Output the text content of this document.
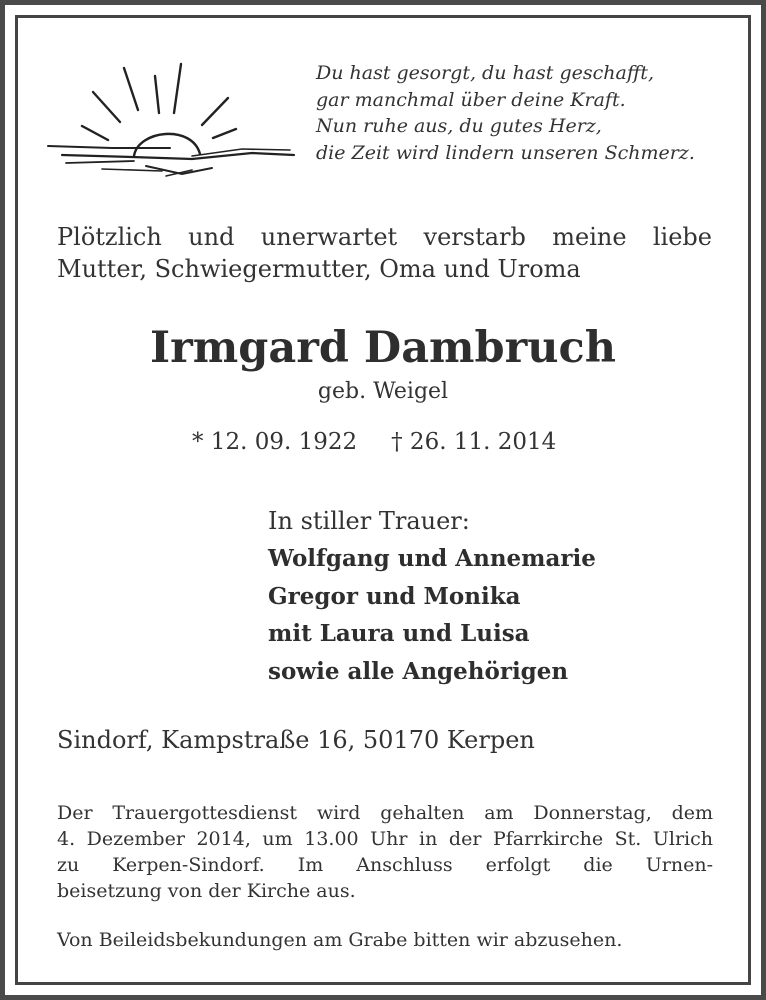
Du hast gesorgt, du hast geschafft,
gar manchmal über deine Kraft.
Nun ruhe aus, du gutes Herz,
die Zeit wird lindern unseren Schmerz.
Plötzlich und unerwartet verstarb meine liebe
Mutter, Schwiegermutter, Oma und Uroma
Irmgard Dambruch
geb. Weigel
* 12. 09. 1922 † 26. 11. 2014
In stiller Trauer:
Wolfgang und Annemarie
Gregor und Monika
mit Laura und Luisa
sowie alle Angehörigen
Sindorf, Kampstraße 16, 50170 Kerpen
Der Trauergottesdienst wird gehalten am Donnerstag, dem
4. Dezember 2014, um 13.00 Uhr in der Pfarrkirche St. Ulrich
zu Kerpen-Sindorf. Im Anschluss erfolgt die Urnen-
beisetzung von der Kirche aus.
Von Beileidsbekundungen am Grabe bitten wir abzusehen.
